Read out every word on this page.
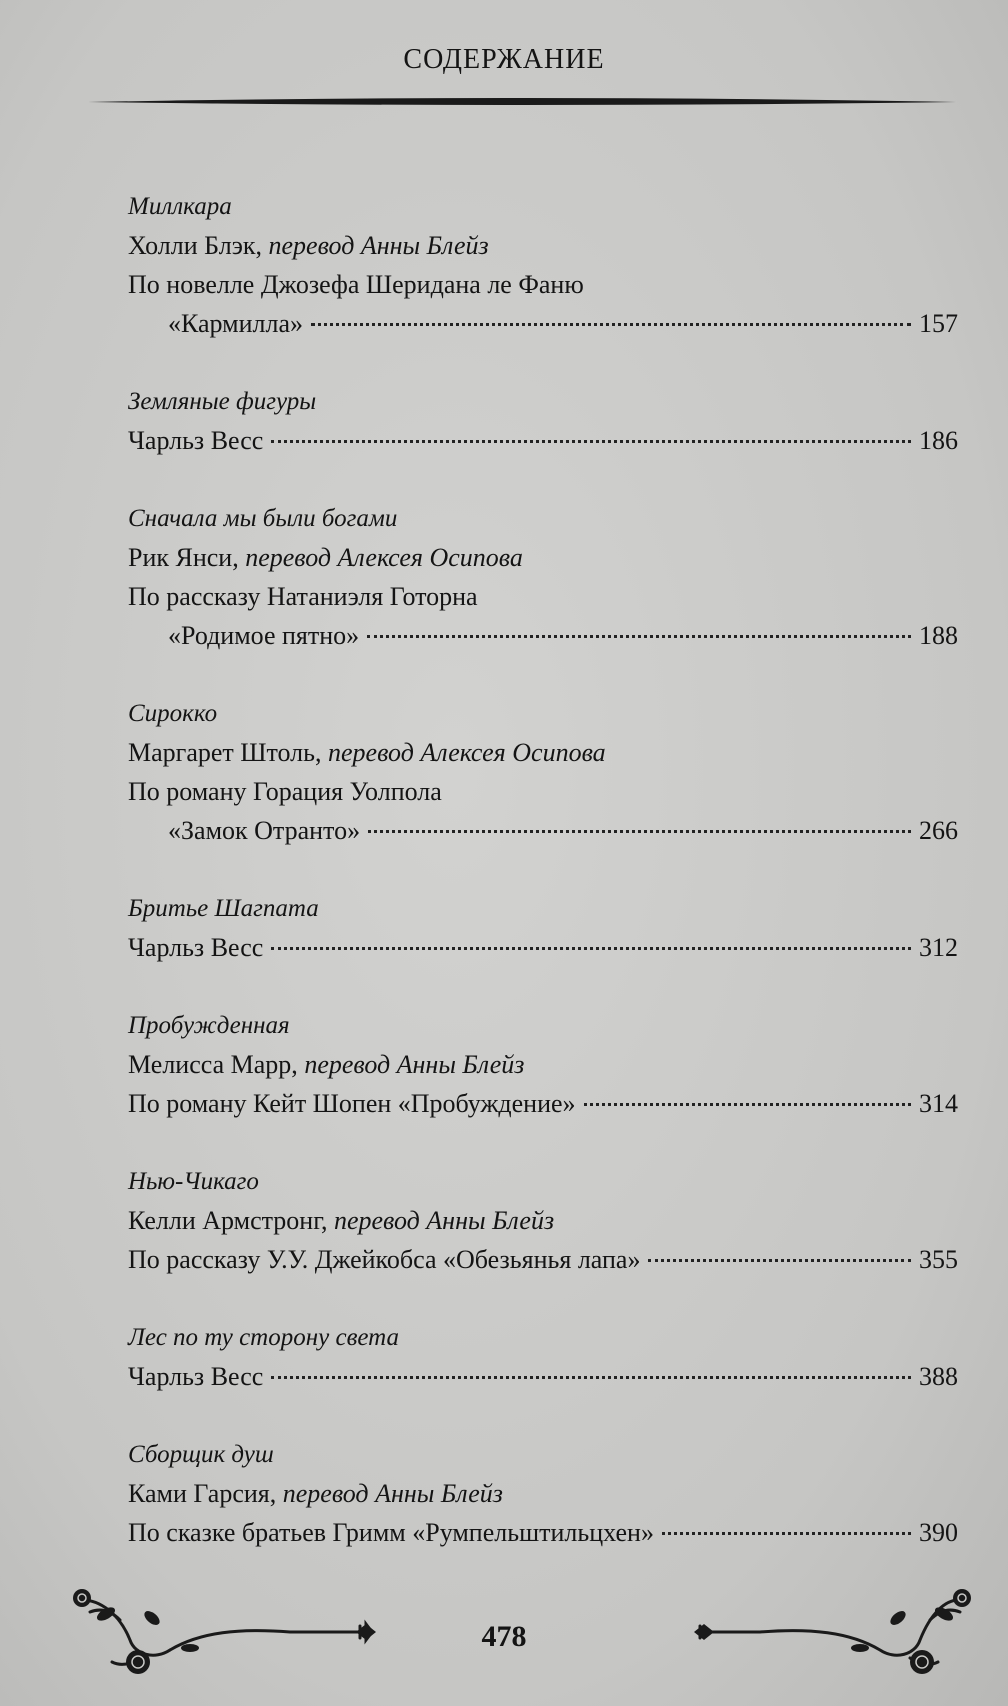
СОДЕРЖАНИЕ
Миллкара
Холли Блэк, перевод Анны Блейз
По новелле Джозефа Шеридана ле Фаню
«Кармилла»	157
Земляные фигуры
Чарльз Весс	186
Сначала мы были богами
Рик Янси, перевод Алексея Осипова
По рассказу Натаниэля Готорна
«Родимое пятно»	188
Сирокко
Маргарет Штоль, перевод Алексея Осипова
По роману Горация Уолпола
«Замок Отранто»	266
Бритье Шагпата
Чарльз Весс	312
Пробужденная
Мелисса Марр, перевод Анны Блейз
По роману Кейт Шопен «Пробуждение»	314
Нью-Чикаго
Келли Армстронг, перевод Анны Блейз
По рассказу У.У. Джейкобса «Обезьянья лапа»	355
Лес по ту сторону света
Чарльз Весс	388
Сборщик душ
Ками Гарсия, перевод Анны Блейз
По сказке братьев Гримм «Румпельштильцхен»	390
478
